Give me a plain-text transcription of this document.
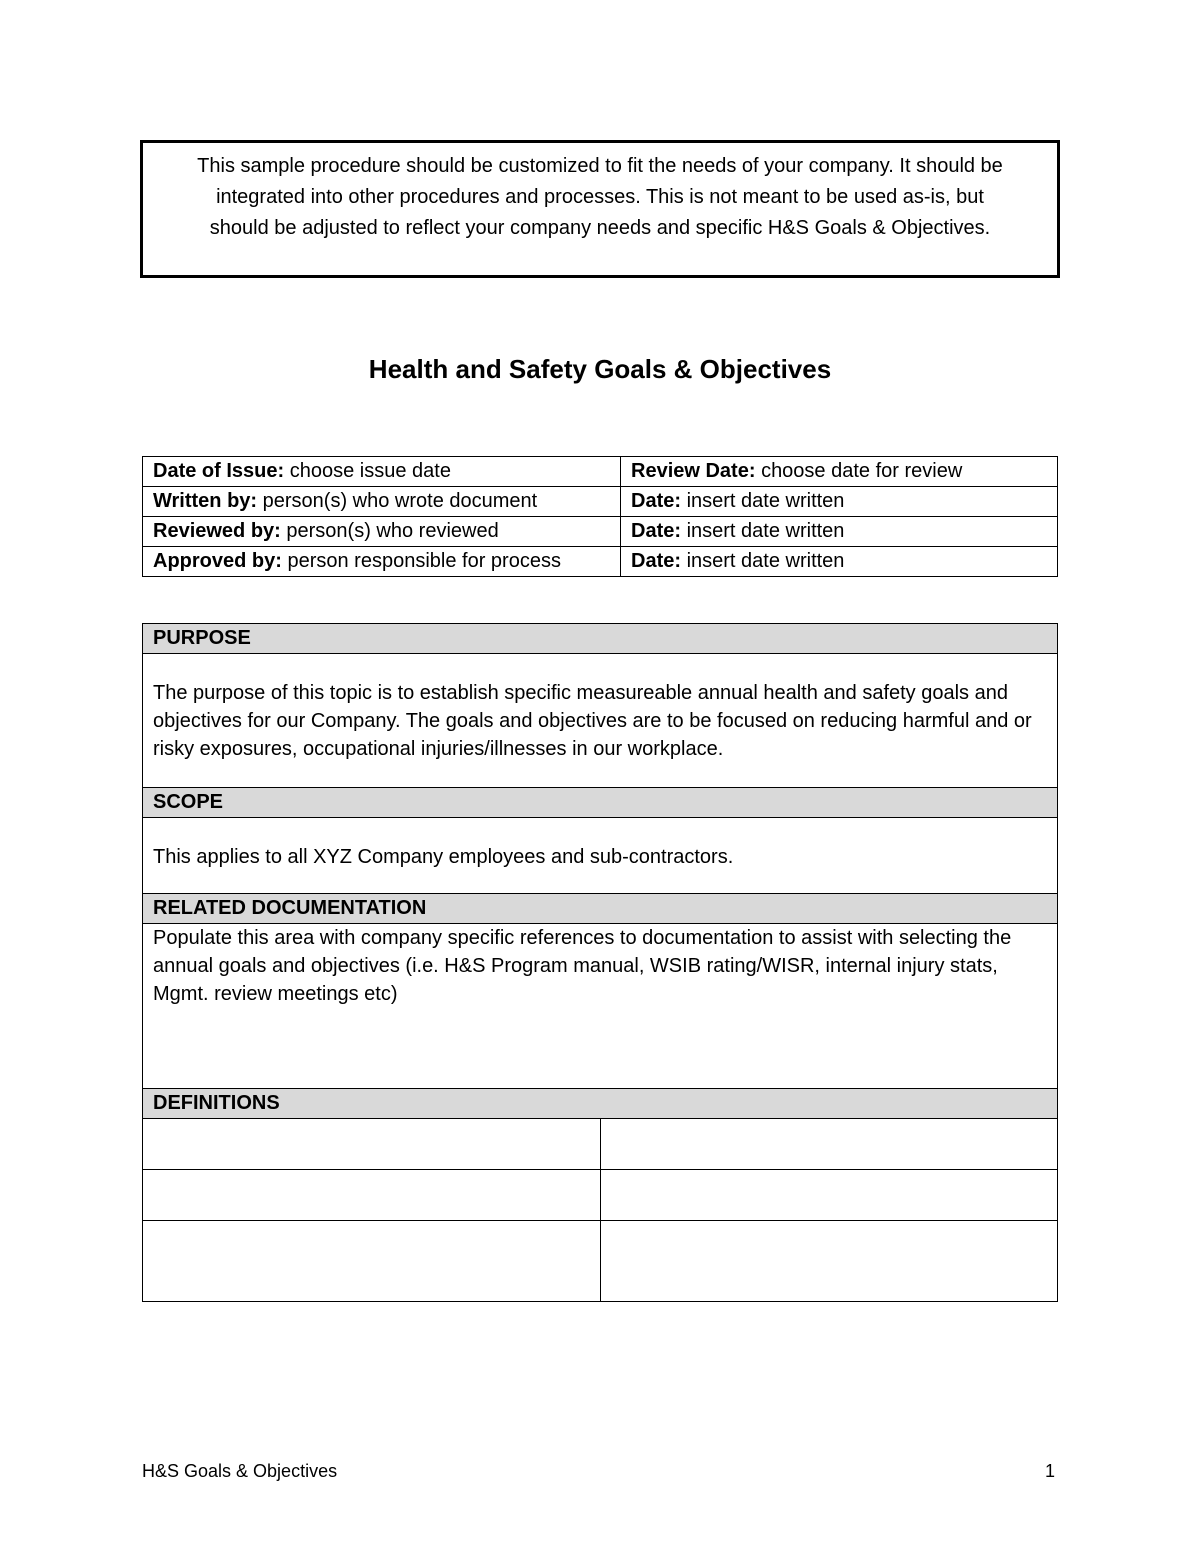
This sample procedure should be customized to fit the needs of your company. It should be

integrated into other procedures and processes. This is not meant to be used as-is, but

should be adjusted to reflect your company needs and specific H&S Goals & Objectives.

Health and Safety Goals & Objectives
Date of Issue: choose issue date	Review Date: choose date for review
Written by: person(s) who wrote document	Date: insert date written
Reviewed by: person(s) who reviewed	Date: insert date written
Approved by: person responsible for process	Date: insert date written
PURPOSE	
The purpose of this topic is to establish specific measureable annual health and safety goals and objectives for our Company. The goals and objectives are to be focused on reducing harmful and or risky exposures, occupational injuries/illnesses in our workplace.	
SCOPE	
This applies to all XYZ Company employees and sub-contractors.	
RELATED DOCUMENTATION	
Populate this area with company specific references to documentation to assist with selecting the annual goals and objectives (i.e. H&S Program manual, WSIB rating/WISR, internal injury stats, Mgmt. review meetings etc)	
DEFINITIONS	

H&S Goals & Objectives	1
